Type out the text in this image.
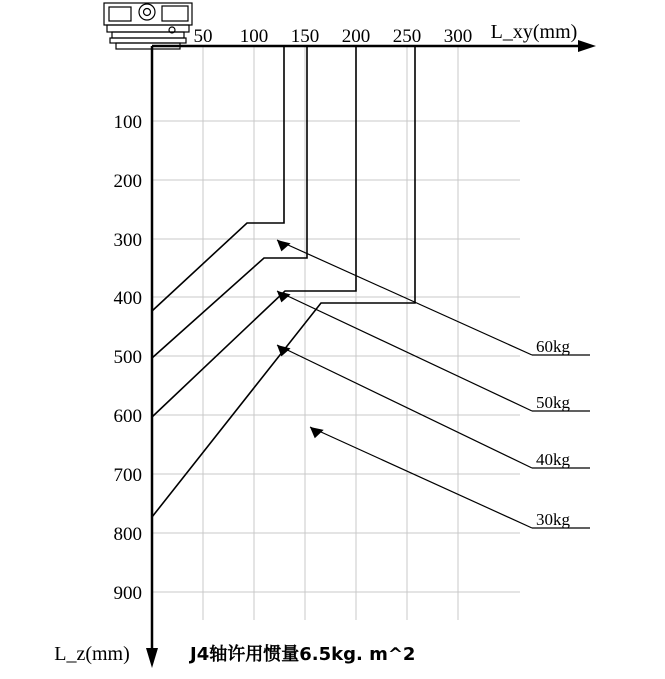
50 100 150 200 250 300
100
200
300
400
500
600
700
800
900
L_xy(mm)
L_z(mm)
60kg
50kg
40kg
30kg
J4轴许用惯量6.5kg. m^2
